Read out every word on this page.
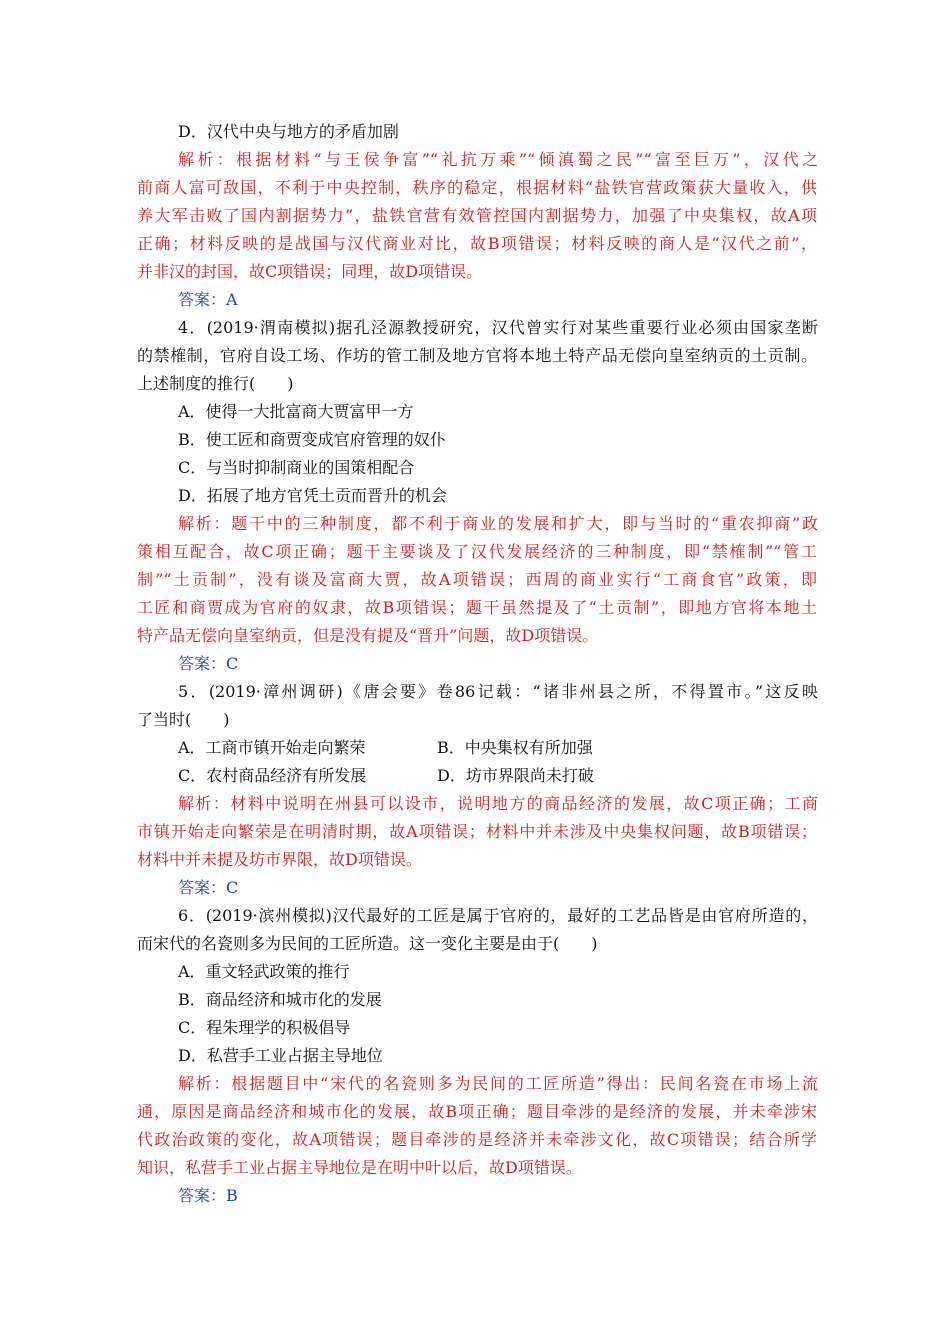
D．汉代中央与地方的矛盾加剧
解析：根据材料“与王侯争富”“礼抗万乘”“倾滇蜀之民”“富至巨万”，汉代之
前商人富可敌国，不利于中央控制，秩序的稳定，根据材料“盐铁官营政策获大量收入，供
养大军击败了国内割据势力”，盐铁官营有效管控国内割据势力，加强了中央集权，故A项
正确；材料反映的是战国与汉代商业对比，故B项错误；材料反映的商人是“汉代之前”，
并非汉的封国，故C项错误；同理，故D项错误。
答案：A
4．(2019·渭南模拟)据孔泾源教授研究，汉代曾实行对某些重要行业必须由国家垄断
的禁榷制，官府自设工场、作坊的管工制及地方官将本地土特产品无偿向皇室纳贡的土贡制。
上述制度的推行(　　)
A．使得一大批富商大贾富甲一方
B．使工匠和商贾变成官府管理的奴仆
C．与当时抑制商业的国策相配合
D．拓展了地方官凭土贡而晋升的机会
解析：题干中的三种制度，都不利于商业的发展和扩大，即与当时的“重农抑商”政
策相互配合，故C项正确；题干主要谈及了汉代发展经济的三种制度，即“禁榷制”“管工
制”“土贡制”，没有谈及富商大贾，故A项错误；西周的商业实行“工商食官”政策，即
工匠和商贾成为官府的奴隶，故B项错误；题干虽然提及了“土贡制”，即地方官将本地土
特产品无偿向皇室纳贡，但是没有提及“晋升”问题，故D项错误。
答案：C
5．(2019·漳州调研)《唐会要》卷86记载：“诸非州县之所，不得置市。”这反映
了当时(　　)
A．工商市镇开始走向繁荣	B．中央集权有所加强
C．农村商品经济有所发展	D．坊市界限尚未打破
解析：材料中说明在州县可以设市，说明地方的商品经济的发展，故C项正确；工商
市镇开始走向繁荣是在明清时期，故A项错误；材料中并未涉及中央集权问题，故B项错误；
材料中并未提及坊市界限，故D项错误。
答案：C
6．(2019·滨州模拟)汉代最好的工匠是属于官府的，最好的工艺品皆是由官府所造的，
而宋代的名瓷则多为民间的工匠所造。这一变化主要是由于(　　)
A．重文轻武政策的推行
B．商品经济和城市化的发展
C．程朱理学的积极倡导
D．私营手工业占据主导地位
解析：根据题目中“宋代的名瓷则多为民间的工匠所造”得出：民间名瓷在市场上流
通，原因是商品经济和城市化的发展，故B项正确；题目牵涉的是经济的发展，并未牵涉宋
代政治政策的变化，故A项错误；题目牵涉的是经济并未牵涉文化，故C项错误；结合所学
知识，私营手工业占据主导地位是在明中叶以后，故D项错误。
答案：B
